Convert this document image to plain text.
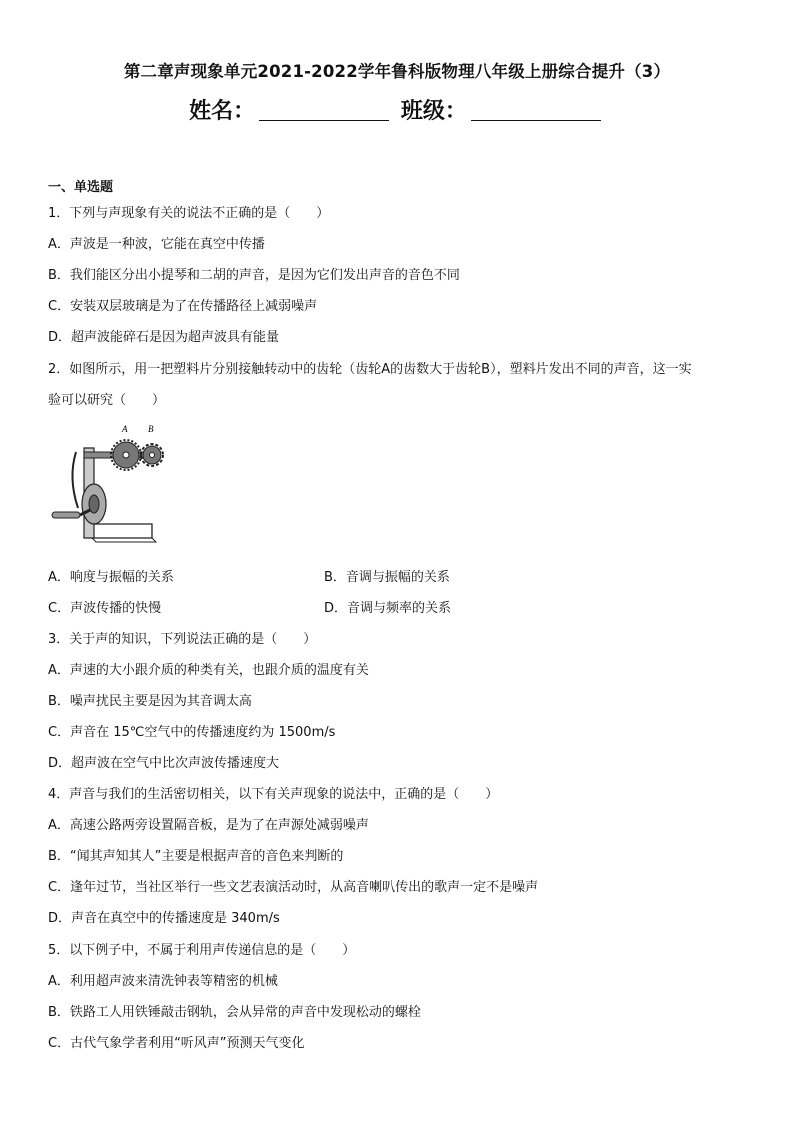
第二章声现象单元2021-2022学年鲁科版物理八年级上册综合提升（3）
姓名：	班级：
一、单选题
1．下列与声现象有关的说法不正确的是（　　）
A．声波是一种波，它能在真空中传播
B．我们能区分出小提琴和二胡的声音，是因为它们发出声音的音色不同
C．安装双层玻璃是为了在传播路径上减弱噪声
D．超声波能碎石是因为超声波具有能量
2．如图所示，用一把塑料片分别接触转动中的齿轮（齿轮A的齿数大于齿轮B），塑料片发出不同的声音，这一实
验可以研究（　　）
A B
A．响度与振幅的关系	B．音调与振幅的关系
C．声波传播的快慢	D．音调与频率的关系
3．关于声的知识，下列说法正确的是（　　）
A．声速的大小跟介质的种类有关，也跟介质的温度有关
B．噪声扰民主要是因为其音调太高
C．声音在 15℃空气中的传播速度约为 1500m/s
D．超声波在空气中比次声波传播速度大
4．声音与我们的生活密切相关，以下有关声现象的说法中，正确的是（　　）
A．高速公路两旁设置隔音板，是为了在声源处减弱噪声
B．“闻其声知其人”主要是根据声音的音色来判断的
C．逢年过节，当社区举行一些文艺表演活动时，从高音喇叭传出的歌声一定不是噪声
D．声音在真空中的传播速度是 340m/s
5．以下例子中，不属于利用声传递信息的是（　　）
A．利用超声波来清洗钟表等精密的机械
B．铁路工人用铁锤敲击钢轨，会从异常的声音中发现松动的螺栓
C．古代气象学者利用“听风声”预测天气变化
